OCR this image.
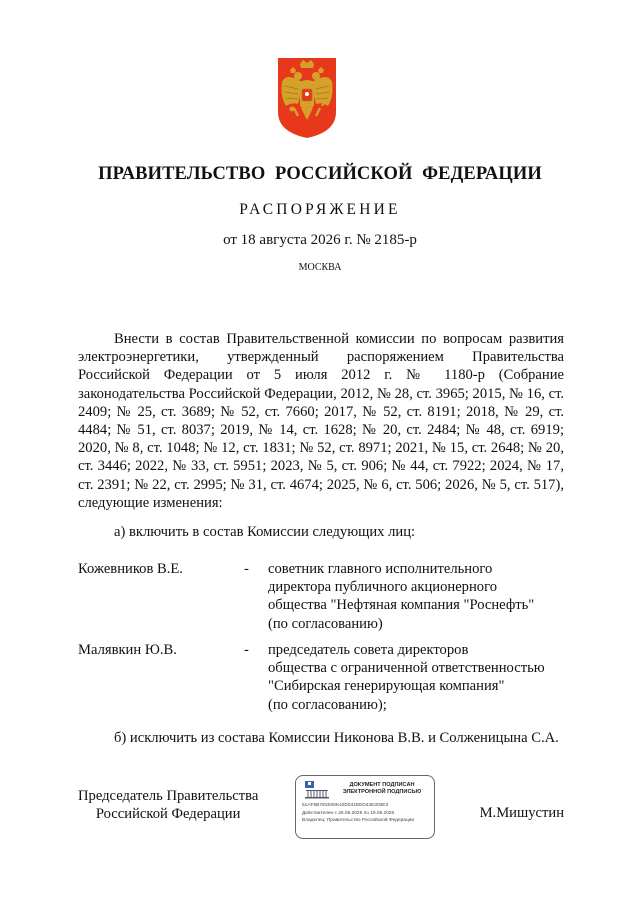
ПРАВИТЕЛЬСТВО РОССИЙСКОЙ ФЕДЕРАЦИИ
РАСПОРЯЖЕНИЕ
от 18 августа 2026 г. № 2185-р
МОСКВА
Внести в состав Правительственной комиссии по вопросам развития электроэнергетики, утвержденный распоряжением Правительства Российской Федерации от 5 июля 2012 г. № 1180-р (Собрание законодательства Российской Федерации, 2012, № 28, ст. 3965; 2015, № 16, ст. 2409; № 25, ст. 3689; № 52, ст. 7660; 2017, № 52, ст. 8191; 2018, № 29, ст. 4484; № 51, ст. 8037; 2019, № 14, ст. 1628; № 20, ст. 2484; № 48, ст. 6919; 2020, № 8, ст. 1048; № 12, ст. 1831; № 52, ст. 8971; 2021, № 15, ст. 2648; № 20, ст. 3446; 2022, № 33, ст. 5951; 2023, № 5, ст. 906; № 44, ст. 7922; 2024, № 17, ст. 2391; № 22, ст. 2995; № 31, ст. 4674; 2025, № 6, ст. 506; 2026, № 5, ст. 517), следующие изменения:
а) включить в состав Комиссии следующих лиц:
Кожевников В.Е.	- советник главного исполнительного
директора публичного акционерного
общества "Нефтяная компания "Роснефть"
(по согласованию)
Малявкин Ю.В.	- председатель совета директоров
общества с ограниченной ответственностью
"Сибирская генерирующая компания"
(по согласованию);
б) исключить из состава Комиссии Никонова В.В. и Солженицына С.А.
Председатель Правительства
Российской Федерации
ДОКУМЕНТ ПОДПИСАН
ЭЛЕКТРОННОЙ ПОДПИСЬЮ
51AF6B781E06K42D041EED43E303E3
Действителен с 26.06.2025 по 19.09.2026
Владелец: Правительство Российской Федерации	М.Мишустин
